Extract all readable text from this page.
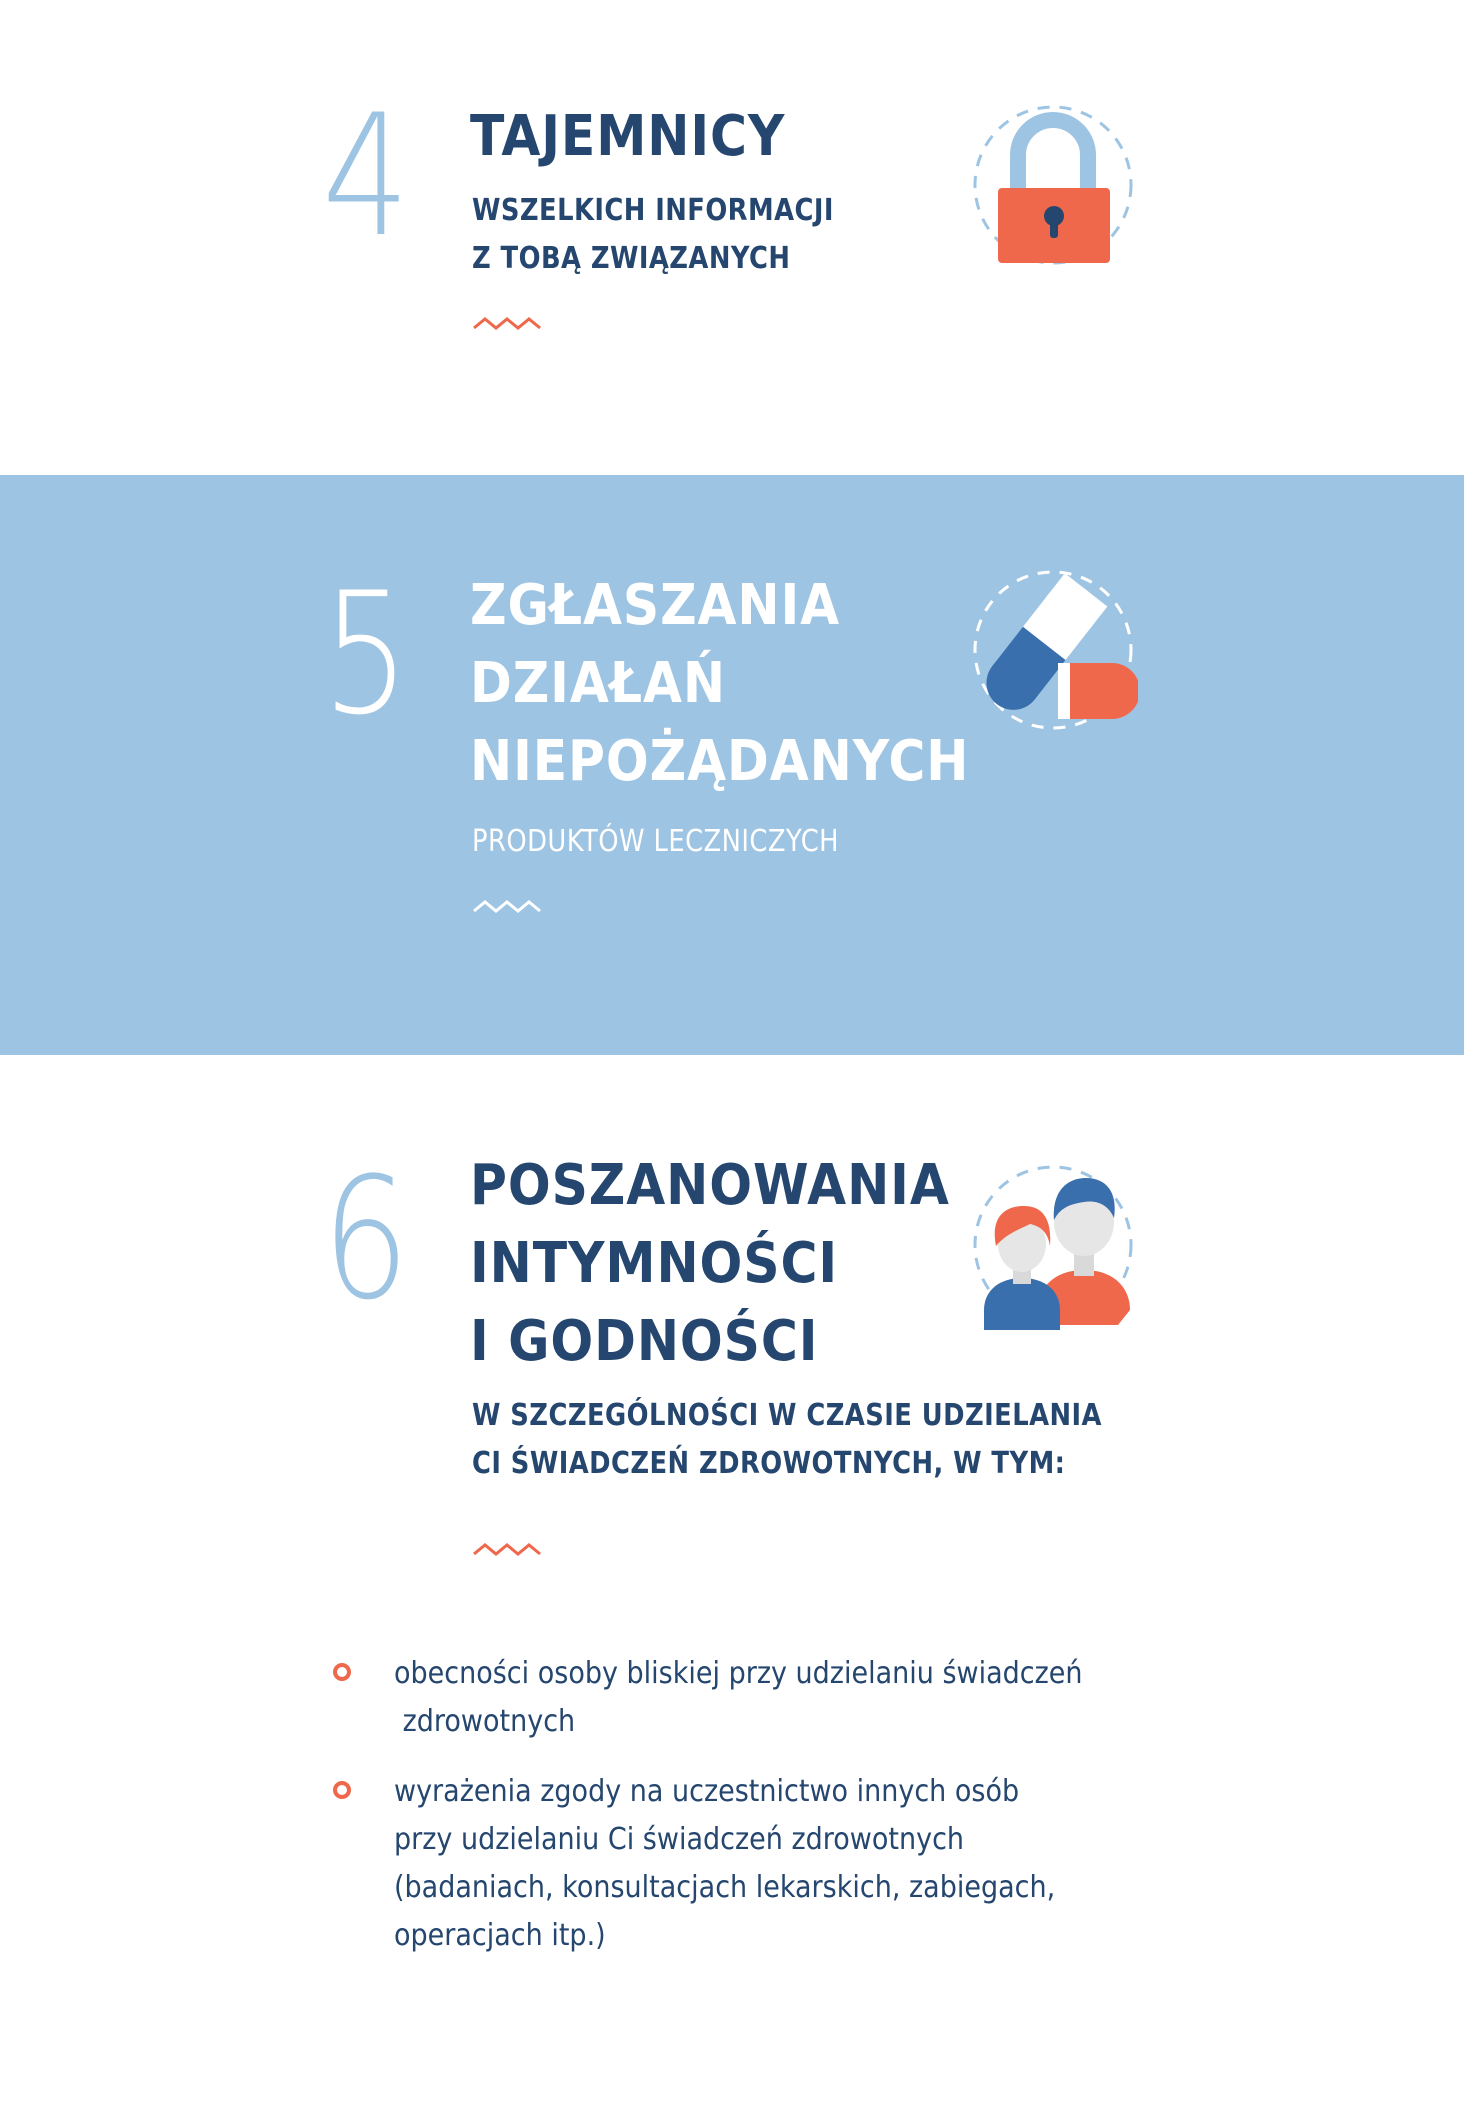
4 TAJEMNICY

WSZELKICH INFORMACJI
Z TOBĄ ZWIĄZANYCH

5 ZGŁASZANIA
DZIAŁAŃ
NIEPOŻĄDANYCH

PRODUKTÓW LECZNICZYCH

6 POSZANOWANIA
INTYMNOŚCI
I GODNOŚCI

W SZCZEGÓLNOŚCI W CZASIE UDZIELANIA
CI ŚWIADCZEŃ ZDROWOTNYCH, W TYM:

obecności osoby bliskiej przy udzielaniu świadczeń
zdrowotnych
wyrażenia zgody na uczestnictwo innych osób
przy udzielaniu Ci świadczeń zdrowotnych
(badaniach, konsultacjach lekarskich, zabiegach,
operacjach itp.)
